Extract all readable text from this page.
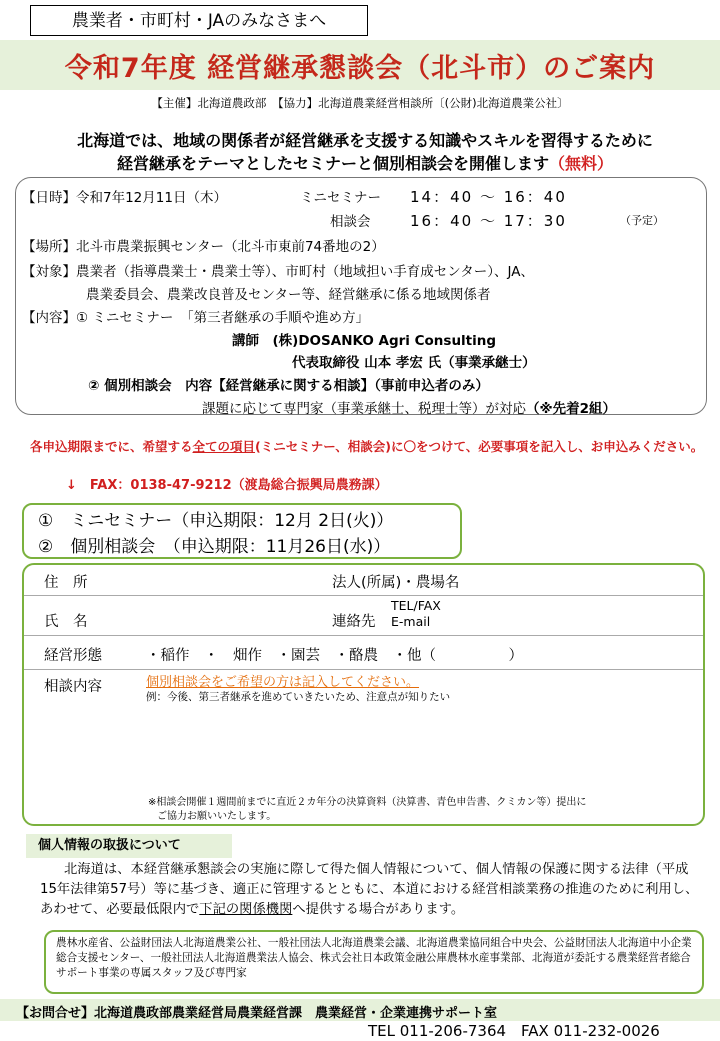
農業者・市町村・JAのみなさまへ
令和7年度 経営継承懇談会（北斗市）のご案内
【主催】北海道農政部　【協力】北海道農業経営相談所〔(公財)北海道農業公社〕
北海道では、地域の関係者が経営継承を支援する知識やスキルを習得するために
経営継承をテーマとしたセミナーと個別相談会を開催します（無料）
【日時】令和7年12月11日（木）	ミニセミナー 14：40 ～ 16：40
相談会	16：40 ～ 17：30	（予定）
【場所】北斗市農業振興センター（北斗市東前74番地の2）
【対象】農業者（指導農業士・農業士等）、市町村（地域担い手育成センター）、JA、
農業委員会、農業改良普及センター等、経営継承に係る地域関係者
【内容】① ミニセミナー　「第三者継承の手順や進め方」
講師　 (株)DOSANKO Agri Consulting
代表取締役 山本 孝宏 氏（事業承継士）
② 個別相談会　内容【経営継承に関する相談】（事前申込者のみ）
課題に応じて専門家（事業承継士、税理士等）が対応（※先着2組）
各申込期限までに、希望する全ての項目(ミニセミナー、相談会)に〇をつけて、必要事項を記入し、お申込みください。
↓　 FAX：0138-47-9212（渡島総合振興局農務課）
①　ミニセミナー（申込期限：12月 2日(火)）
②　個別相談会　（申込期限：11月26日(水)）
住　所	法人(所属)・農場名
氏　名	連絡先
TEL/FAX
E-mail
経営形態	・稲作　・　畑作　・園芸　・酪農　・他（　　　　　）
相談内容	個別相談会をご希望の方は記入してください。
例：今後、第三者継承を進めていきたいため、注意点が知りたい
※相談会開催１週間前までに直近２カ年分の決算資料（決算書、青色申告書、クミカン等）提出に
ご協力お願いいたします。
個人情報の取扱について
北海道は、本経営継承懇談会の実施に際して得た個人情報について、個人情報の保護に関する法律（平成15年法律第57号）等に基づき、適正に管理するとともに、本道における経営相談業務の推進のために利用し、あわせて、必要最低限内で下記の関係機関へ提供する場合があります。
農林水産省、公益財団法人北海道農業公社、一般社団法人北海道農業会議、北海道農業協同組合中央会、公益財団法人北海道中小企業総合支援センター、一般社団法人北海道農業法人協会、株式会社日本政策金融公庫農林水産事業部、北海道が委託する農業経営者総合サポート事業の専属スタッフ及び専門家
【お問合せ】北海道農政部農業経営局農業経営課　農業経営・企業連携サポート室
TEL 011-206-7364　FAX 011-232-0026
